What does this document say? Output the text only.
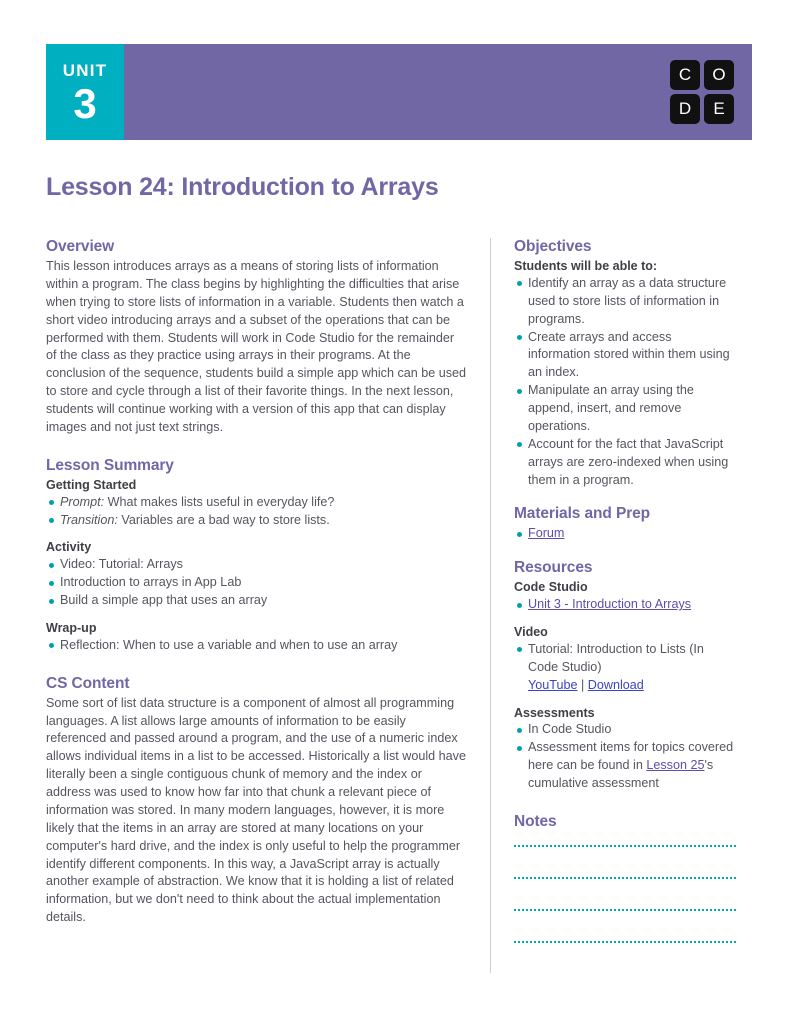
UNIT
3
C	O
D	E
Lesson 24: Introduction to Arrays
Overview

This lesson introduces arrays as a means of storing lists of information within a program. The class begins by highlighting the difficulties that arise when trying to store lists of information in a variable. Students then watch a short video introducing arrays and a subset of the operations that can be performed with them. Students will work in Code Studio for the remainder of the class as they practice using arrays in their programs. At the conclusion of the sequence, students build a simple app which can be used to store and cycle through a list of their favorite things. In the next lesson, students will continue working with a version of this app that can display images and not just text strings.

Lesson Summary
Getting Started
Prompt: What makes lists useful in everyday life?
Transition: Variables are a bad way to store lists.
Activity
Video: Tutorial: Arrays
Introduction to arrays in App Lab
Build a simple app that uses an array
Wrap-up
Reflection: When to use a variable and when to use an array
CS Content

Some sort of list data structure is a component of almost all programming languages. A list allows large amounts of information to be easily referenced and passed around a program, and the use of a numeric index allows individual items in a list to be accessed. Historically a list would have literally been a single contiguous chunk of memory and the index or address was used to know how far into that chunk a relevant piece of information was stored. In many modern languages, however, it is more likely that the items in an array are stored at many locations on your computer's hard drive, and the index is only useful to help the programmer identify different components. In this way, a JavaScript array is actually another example of abstraction. We know that it is holding a list of related information, but we don't need to think about the actual implementation details.

Objectives
Students will be able to:
Identify an array as a data structure used to store lists of information in programs.
Create arrays and access information stored within them using an index.
Manipulate an array using the append, insert, and remove operations.
Account for the fact that JavaScript arrays are zero-indexed when using them in a program.
Materials and Prep
Forum
Resources
Code Studio
Unit 3 - Introduction to Arrays
Video
Tutorial: Introduction to Lists (In Code Studio)
YouTube | Download
Assessments
In Code Studio
Assessment items for topics covered here can be found in Lesson 25's cumulative assessment
Notes
